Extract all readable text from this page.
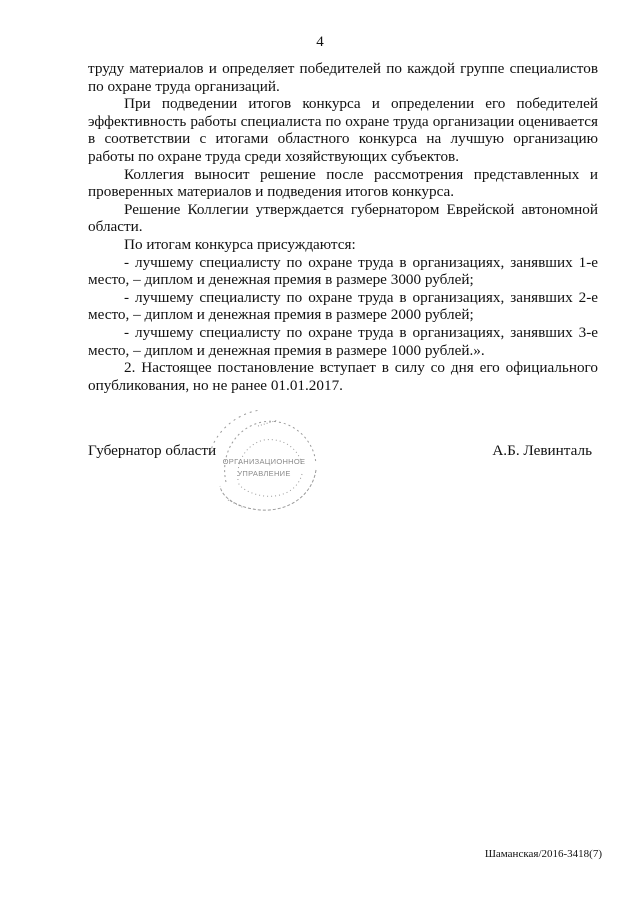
4

труду материалов и определяет победителей по каждой группе специалистов по охране труда организаций.

При подведении итогов конкурса и определении его победителей эффективность работы специалиста по охране труда организации оценивается в соответствии с итогами областного конкурса на лучшую организацию работы по охране труда среди хозяйствующих субъектов.

Коллегия выносит решение после рассмотрения представленных и проверенных материалов и подведения итогов конкурса.

Решение Коллегии утверждается губернатором Еврейской автономной области.

По итогам конкурса присуждаются:

- лучшему специалисту по охране труда в организациях, занявших 1-е место, – диплом и денежная премия в размере 3000 рублей;

- лучшему специалисту по охране труда в организациях, занявших 2-е место, – диплом и денежная премия в размере 2000 рублей;

- лучшему специалисту по охране труда в организациях, занявших 3-е место, – диплом и денежная премия в размере 1000 рублей.».

2. Настоящее постановление вступает в силу со дня его официального опубликования, но не ранее 01.01.2017.

ОРГАНИЗАЦИОННОЕ
УПРАВЛЕНИЕ
Губернатор области	А.Б. Левинталь
Шаманская/2016-3418(7)
